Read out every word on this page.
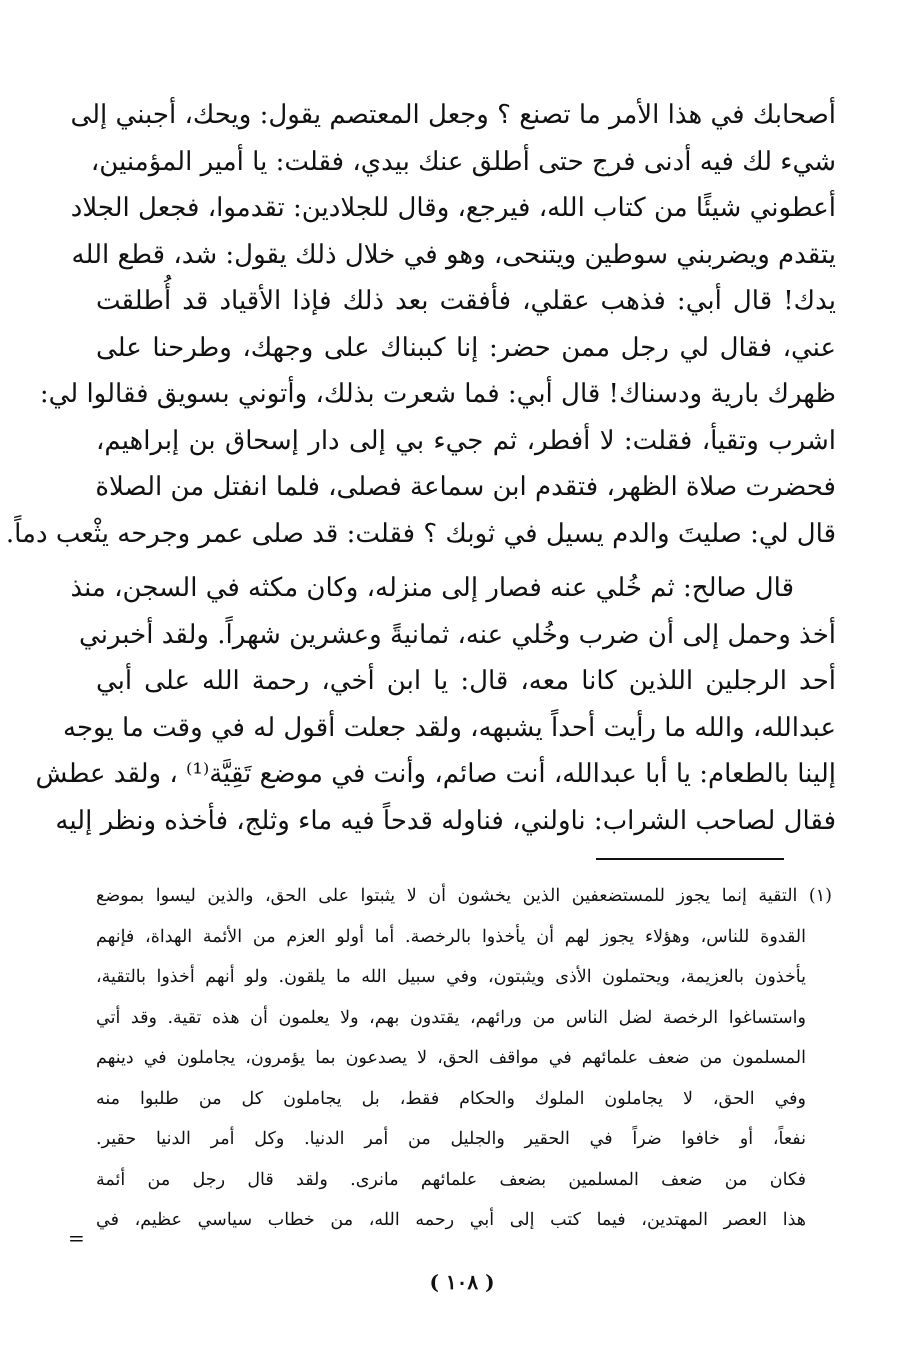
أصحابك في هذا الأمر ما تصنع ؟ وجعل المعتصم يقول: ويحك، أجبني إلى
شيء لك فيه أدنى فرج حتى أطلق عنك بيدي، فقلت: يا أمير المؤمنين،
أعطوني شيئًا من كتاب الله، فيرجع، وقال للجلادين: تقدموا، فجعل الجلاد
يتقدم ويضربني سوطين ويتنحى، وهو في خلال ذلك يقول: شد، قطع الله
يدك! قال أبي: فذهب عقلي، فأفقت بعد ذلك فإذا الأقياد قد أُطلقت
عني، فقال لي رجل ممن حضر: إنا كببناك على وجهك، وطرحنا على
ظهرك بارية ودسناك! قال أبي: فما شعرت بذلك، وأتوني بسويق فقالوا لي:
اشرب وتقيأ، فقلت: لا أفطر، ثم جيء بي إلى دار إسحاق بن إبراهيم،
فحضرت صلاة الظهر، فتقدم ابن سماعة فصلى، فلما انفتل من الصلاة
قال لي: صليتَ والدم يسيل في ثوبك ؟ فقلت: قد صلى عمر وجرحه يثْعب دماً.
قال صالح: ثم خُلي عنه فصار إلى منزله، وكان مكثه في السجن، منذ
أخذ وحمل إلى أن ضرب وخُلي عنه، ثمانيةً وعشرين شهراً. ولقد أخبرني
أحد الرجلين اللذين كانا معه، قال: يا ابن أخي، رحمة الله على أبي
عبدالله، والله ما رأيت أحداً يشبهه، ولقد جعلت أقول له في وقت ما يوجه
إلينا بالطعام: يا أبا عبدالله، أنت صائم، وأنت في موضع تَقِيَّة⁽¹⁾ ، ولقد عطش
فقال لصاحب الشراب: ناولني، فناوله قدحاً فيه ماء وثلج، فأخذه ونظر إليه
(١) التقية إنما يجوز للمستضعفين الذين يخشون أن لا يثبتوا على الحق، والذين ليسوا بموضع
القدوة للناس، وهؤلاء يجوز لهم أن يأخذوا بالرخصة. أما أولو العزم من الأئمة الهداة، فإنهم
يأخذون بالعزيمة، ويحتملون الأذى ويثبتون، وفي سبيل الله ما يلقون. ولو أنهم أخذوا بالتقية،
واستساغوا الرخصة لضل الناس من ورائهم، يقتدون بهم، ولا يعلمون أن هذه تقية. وقد أتي
المسلمون من ضعف علمائهم في مواقف الحق، لا يصدعون بما يؤمرون، يجاملون في دينهم
وفي الحق، لا يجاملون الملوك والحكام فقط، بل يجاملون كل من طلبوا منه
نفعاً، أو خافوا ضراً في الحقير والجليل من أمر الدنيا. وكل أمر الدنيا حقير.
فكان من ضعف المسلمين بضعف علمائهم مانرى. ولقد قال رجل من أئمة
هذا العصر المهتدين، فيما كتب إلى أبي رحمه الله، من خطاب سياسي عظيم، في
=
( ١٠٨ )
